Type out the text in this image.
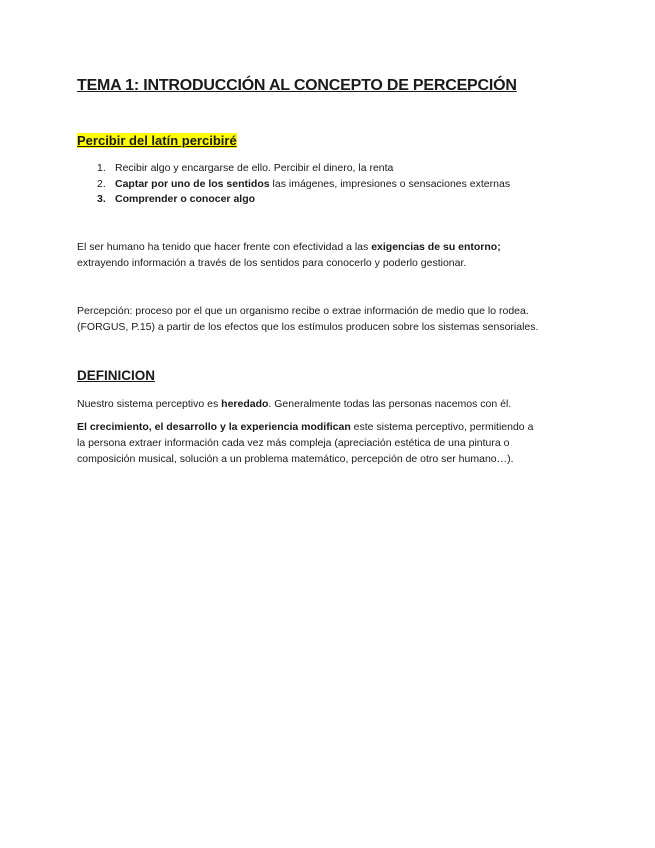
TEMA 1: INTRODUCCIÓN AL CONCEPTO DE PERCEPCIÓN
Percibir del latín percibiré
1. Recibir algo y encargarse de ello. Percibir el dinero, la renta
2. Captar por uno de los sentidos las imágenes, impresiones o sensaciones externas
3. Comprender o conocer algo

El ser humano ha tenido que hacer frente con efectividad a las exigencias de su entorno;
extrayendo información a través de los sentidos para conocerlo y poderlo gestionar.

Percepción: proceso por el que un organismo recibe o extrae información de medio que lo rodea.
(FORGUS, P.15) a partir de los efectos que los estímulos producen sobre los sistemas sensoriales.

DEFINICION

Nuestro sistema perceptivo es heredado. Generalmente todas las personas nacemos con él.

El crecimiento, el desarrollo y la experiencia modifican este sistema perceptivo, permitiendo a
la persona extraer información cada vez más compleja (apreciación estética de una pintura o
composición musical, solución a un problema matemático, percepción de otro ser humano…).
